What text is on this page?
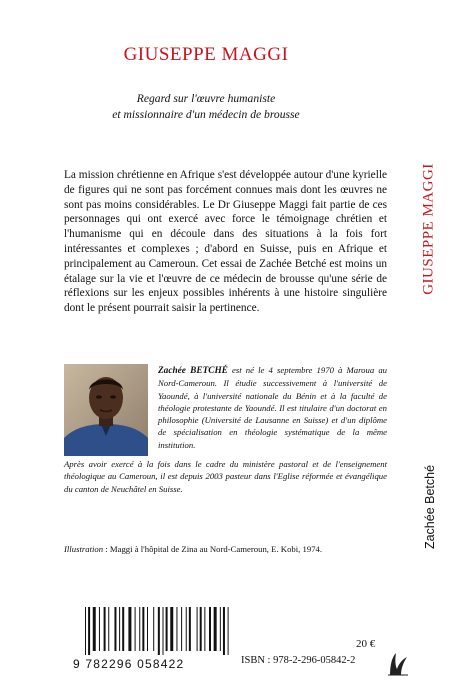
GIUSEPPE MAGGI
Regard sur l'œuvre humaniste
et missionnaire d'un médecin de brousse

La mission chrétienne en Afrique s'est développée autour d'une kyrielle de figures qui ne sont pas forcément connues mais dont les œuvres ne sont pas moins considérables. Le Dr Giuseppe Maggi fait partie de ces personnages qui ont exercé avec force le témoignage chrétien et l'humanisme qui en découle dans des situations à la fois fort intéressantes et complexes ; d'abord en Suisse, puis en Afrique et principalement au Cameroun. Cet essai de Zachée Betché est moins un étalage sur la vie et l'œuvre de ce médecin de brousse qu'une série de réflexions sur les enjeux possibles inhérents à une histoire singulière dont le présent pourrait saisir la pertinence.

Zachée BETCHÉ est né le 4 septembre 1970 à Maroua au Nord-Cameroun. Il étudie successivement à l'université de Yaoundé, à l'université nationale du Bénin et à la faculté de théologie protestante de Yaoundé. Il est titulaire d'un doctorat en philosophie (Université de Lausanne en Suisse) et d'un diplôme de spécialisation en théologie systématique de la même institution.
Après avoir exercé à la fois dans le cadre du ministère pastoral et de l'enseignement théologique au Cameroun, il est depuis 2003 pasteur dans l'Eglise réformée et évangélique du canton de Neuchâtel en Suisse.
Illustration : Maggi à l'hôpital de Zina au Nord-Cameroun, E. Kobi, 1974.
9 782296 058422
20 €
ISBN : 978-2-296-05842-2
GIUSEPPE MAGGI
Zachée Betché
